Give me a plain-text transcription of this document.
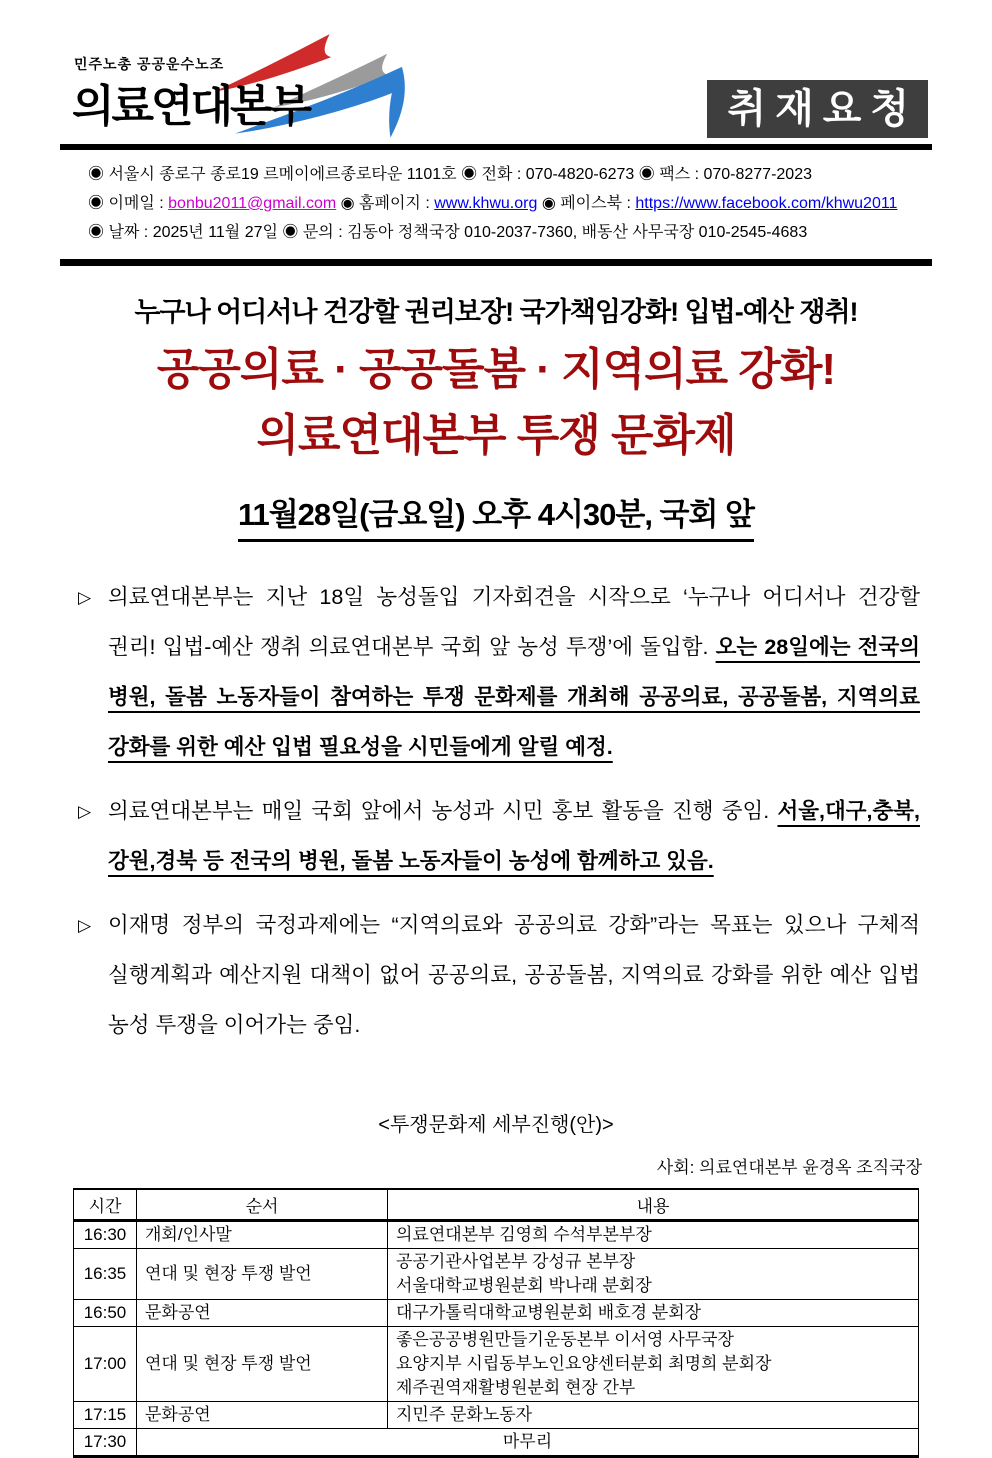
민주노총 공공운수노조
의료연대본부	취재요청
◉ 서울시 종로구 종로19 르메이에르종로타운 1101호 ◉ 전화 : 070-4820-6273 ◉ 팩스 : 070-8277-2023
◉ 이메일 : bonbu2011@gmail.com ◉ 홈페이지 : www.khwu.org ◉ 페이스북 : https://www.facebook.com/khwu2011
◉ 날짜 : 2025년 11월 27일 ◉ 문의 : 김동아 정책국장 010-2037-7360, 배동산 사무국장 010-2545-4683
누구나 어디서나 건강할 권리보장! 국가책임강화! 입법-예산 쟁취!
공공의료 · 공공돌봄 · 지역의료 강화!
의료연대본부 투쟁 문화제
11월28일(금요일) 오후 4시30분, 국회 앞
▷ 의료연대본부는 지난 18일 농성돌입 기자회견을 시작으로 ‘누구나 어디서나 건강할 권리! 입법-예산 쟁취 의료연대본부 국회 앞 농성 투쟁’에 돌입함. 오는 28일에는 전국의 병원, 돌봄 노동자들이 참여하는 투쟁 문화제를 개최해 공공의료, 공공돌봄, 지역의료 강화를 위한 예산 입법 필요성을 시민들에게 알릴 예정.
▷ 의료연대본부는 매일 국회 앞에서 농성과 시민 홍보 활동을 진행 중임. 서울,대구,충북,강원,경북 등 전국의 병원, 돌봄 노동자들이 농성에 함께하고 있음.
▷ 이재명 정부의 국정과제에는 “지역의료와 공공의료 강화”라는 목표는 있으나 구체적 실행계획과 예산지원 대책이 없어 공공의료, 공공돌봄, 지역의료 강화를 위한 예산 입법 농성 투쟁을 이어가는 중임.
<투쟁문화제 세부진행(안)>
사회: 의료연대본부 윤경옥 조직국장
시간	순서	내용
16:30	개회/인사말	의료연대본부 김영희 수석부본부장

16:35	연대 및 현장 투쟁 발언	공공기관사업본부 강성규 본부장
서울대학교병원분회 박나래 분회장

16:50	문화공연	대구가톨릭대학교병원분회 배호경 분회장

17:00	연대 및 현장 투쟁 발언	좋은공공병원만들기운동본부 이서영 사무국장
요양지부 시립동부노인요양센터분회 최명희 분회장
제주권역재활병원분회 현장 간부

17:15	문화공연	지민주 문화노동자

17:30	마무리	
